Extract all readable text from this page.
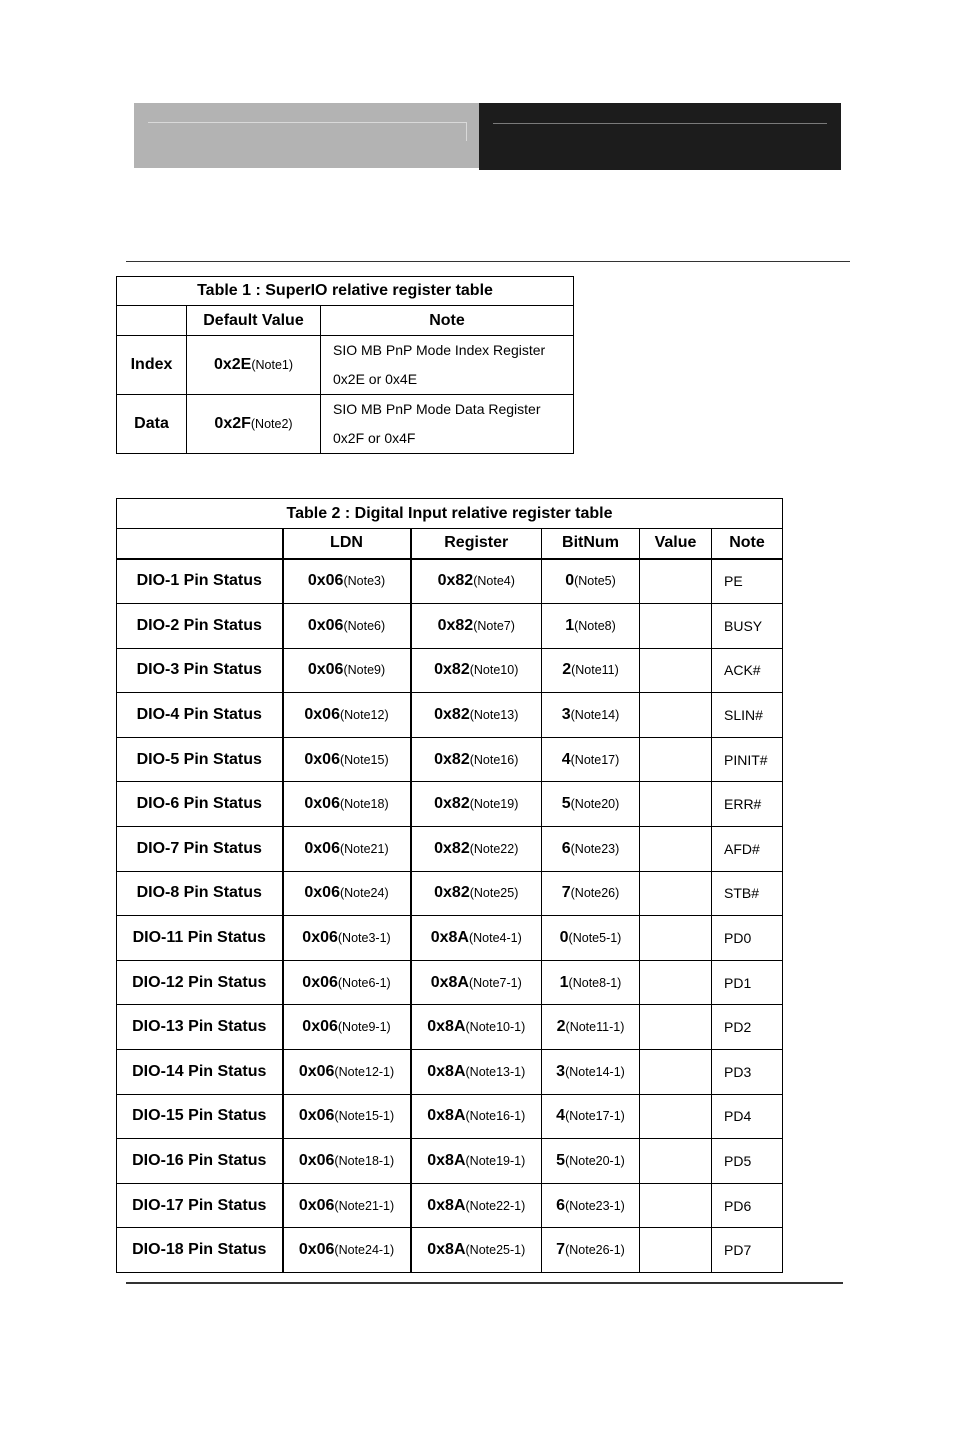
Table 1 : SuperIO relative register table		
	Default Value	Note
Index	0x2E(Note1)	SIO MB PnP Mode Index Register
0x2E or 0x4E

Data	0x2F(Note2)	SIO MB PnP Mode Data Register
0x2F or 0x4F
Table 2 : Digital Input relative register table					
	LDN	Register	BitNum	Value	Note
DIO-1 Pin Status	0x06(Note3)	0x82(Note4)	0(Note5)		PE
DIO-2 Pin Status	0x06(Note6)	0x82(Note7)	1(Note8)		BUSY
DIO-3 Pin Status	0x06(Note9)	0x82(Note10)	2(Note11)		ACK#
DIO-4 Pin Status	0x06(Note12)	0x82(Note13)	3(Note14)		SLIN#
DIO-5 Pin Status	0x06(Note15)	0x82(Note16)	4(Note17)		PINIT#
DIO-6 Pin Status	0x06(Note18)	0x82(Note19)	5(Note20)		ERR#
DIO-7 Pin Status	0x06(Note21)	0x82(Note22)	6(Note23)		AFD#
DIO-8 Pin Status	0x06(Note24)	0x82(Note25)	7(Note26)		STB#
DIO-11 Pin Status	0x06(Note3-1)	0x8A(Note4-1)	0(Note5-1)		PD0
DIO-12 Pin Status	0x06(Note6-1)	0x8A(Note7-1)	1(Note8-1)		PD1
DIO-13 Pin Status	0x06(Note9-1)	0x8A(Note10-1)	2(Note11-1)		PD2
DIO-14 Pin Status	0x06(Note12-1)	0x8A(Note13-1)	3(Note14-1)		PD3
DIO-15 Pin Status	0x06(Note15-1)	0x8A(Note16-1)	4(Note17-1)		PD4
DIO-16 Pin Status	0x06(Note18-1)	0x8A(Note19-1)	5(Note20-1)		PD5
DIO-17 Pin Status	0x06(Note21-1)	0x8A(Note22-1)	6(Note23-1)		PD6
DIO-18 Pin Status	0x06(Note24-1)	0x8A(Note25-1)	7(Note26-1)		PD7
